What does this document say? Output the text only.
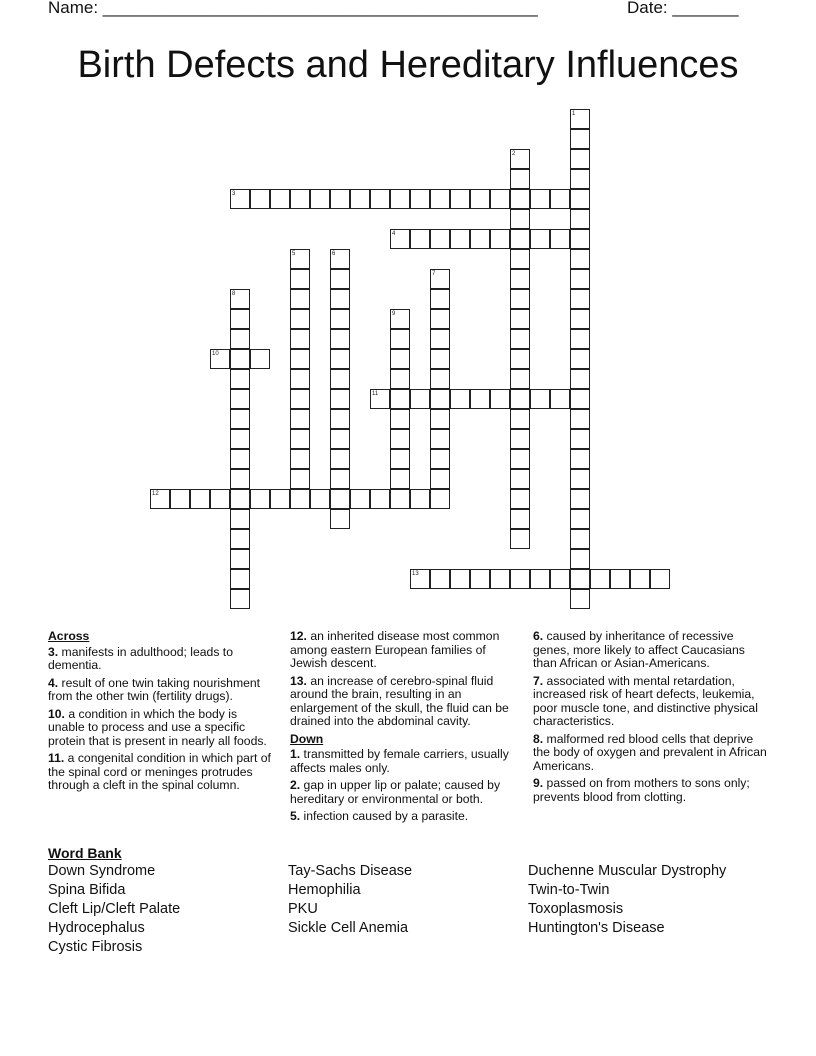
Name: ______________________________________________	Date: _______
Birth Defects and Hereditary Influences
1
2
3
4
5	6
7
8
9
10
11
12
13
Across
3. manifests in adulthood; leads to dementia.
4. result of one twin taking nourishment from the other twin (fertility drugs).
10. a condition in which the body is unable to process and use a specific protein that is present in nearly all foods.
11. a congenital condition in which part of the spinal cord or meninges protrudes through a cleft in the spinal column.
12. an inherited disease most common among eastern European families of Jewish descent.
13. an increase of cerebro-spinal fluid around the brain, resulting in an enlargement of the skull, the fluid can be drained into the abdominal cavity.
Down
1. transmitted by female carriers, usually affects males only.
2. gap in upper lip or palate; caused by hereditary or environmental or both.
5. infection caused by a parasite.
6. caused by inheritance of recessive genes, more likely to affect Caucasians than African or Asian-Americans.
7. associated with mental retardation, increased risk of heart defects, leukemia, poor muscle tone, and distinctive physical characteristics.
8. malformed red blood cells that deprive the body of oxygen and prevalent in African Americans.
9. passed on from mothers to sons only; prevents blood from clotting.
Word Bank
Down Syndrome
Spina Bifida
Cleft Lip/Cleft Palate
Hydrocephalus
Cystic Fibrosis
Tay-Sachs Disease
Hemophilia
PKU
Sickle Cell Anemia
Duchenne Muscular Dystrophy
Twin-to-Twin
Toxoplasmosis
Huntington's Disease
